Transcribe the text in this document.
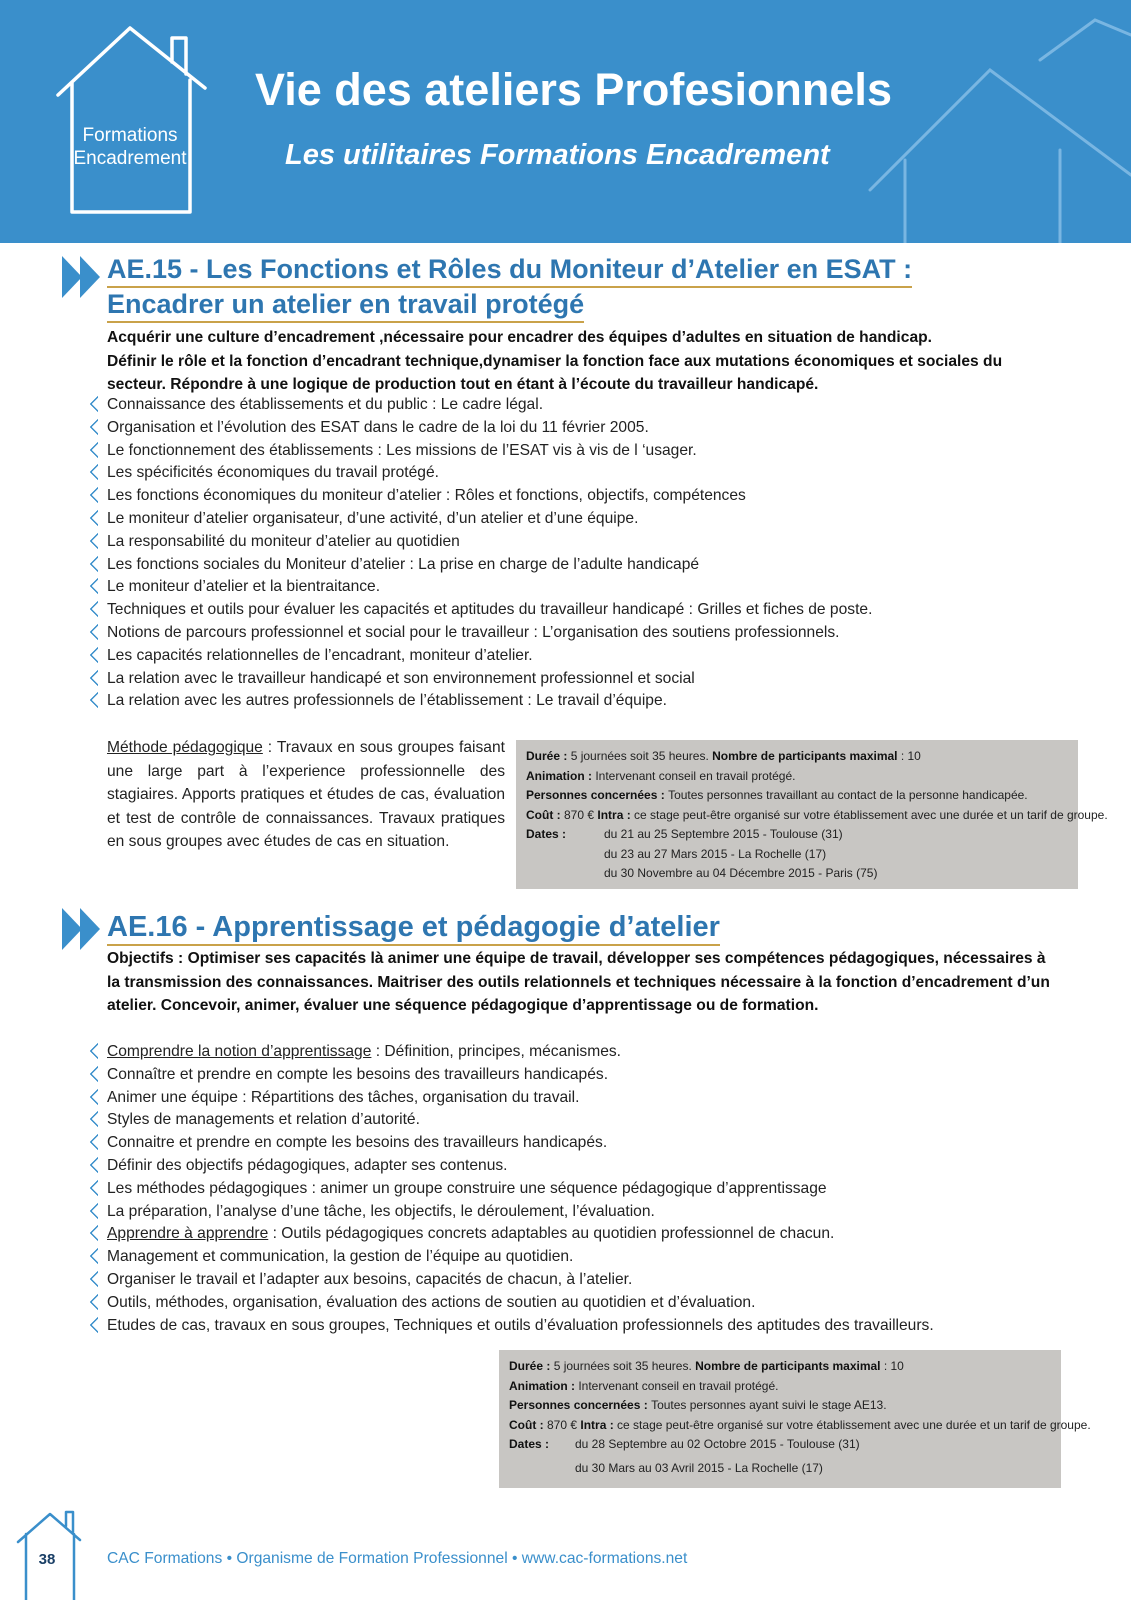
Formations
Encadrement
Vie des ateliers Profesionnels
Les utilitaires Formations Encadrement
AE.15 - Les Fonctions et Rôles du Moniteur d’Atelier en ESAT :
Encadrer un atelier en travail protégé
Acquérir une culture d’encadrement ,nécessaire pour encadrer des équipes d’adultes en situation de handicap.
Définir le rôle et la fonction d’encadrant technique,dynamiser la fonction face aux mutations économiques et sociales du
secteur. Répondre à une logique de production tout en étant à l’écoute du travailleur handicapé.
Connaissance des établissements et du public : Le cadre légal.
Organisation et l’évolution des ESAT dans le cadre de la loi du 11 février 2005.
Le fonctionnement des établissements : Les missions de l’ESAT vis à vis de l ‘usager.
Les spécificités économiques du travail protégé.
Les fonctions économiques du moniteur d’atelier : Rôles et fonctions, objectifs, compétences
Le moniteur d’atelier organisateur, d’une activité, d’un atelier et d’une équipe.
La responsabilité du moniteur d’atelier au quotidien
Les fonctions sociales du Moniteur d’atelier : La prise en charge de l’adulte handicapé
Le moniteur d’atelier et la bientraitance.
Techniques et outils pour évaluer les capacités et aptitudes du travailleur handicapé : Grilles et fiches de poste.
Notions de parcours professionnel et social pour le travailleur : L’organisation des soutiens professionnels.
Les capacités relationnelles de l’encadrant, moniteur d’atelier.
La relation avec le travailleur handicapé et son environnement professionnel et social
La relation avec les autres professionnels de l’établissement : Le travail d’équipe.
Méthode pédagogique : Travaux en sous groupes faisant une large part à l’experience professionnelle des stagiaires. Apports pratiques et études de cas, évaluation et test de contrôle de connaissances. Travaux pratiques en sous groupes avec études de cas en situation.
Durée : 5 journées soit 35 heures. Nombre de participants maximal : 10
Animation : Intervenant conseil en travail protégé.
Personnes concernées : Toutes personnes travaillant au contact de la personne handicapée.
Coût : 870 € Intra : ce stage peut-être organisé sur votre établissement avec une durée et un tarif de groupe.
Dates :	du 21 au 25 Septembre 2015 - Toulouse (31)
du 23 au 27 Mars 2015 - La Rochelle (17)
du 30 Novembre au 04 Décembre 2015 - Paris (75)
AE.16 - Apprentissage et pédagogie d’atelier
Objectifs : Optimiser ses capacités là animer une équipe de travail, développer ses compétences pédagogiques, nécessaires à
la transmission des connaissances. Maitriser des outils relationnels et techniques nécessaire à la fonction d’encadrement d’un
atelier. Concevoir, animer, évaluer une séquence pédagogique d’apprentissage ou de formation.
Comprendre la notion d’apprentissage : Définition, principes, mécanismes.
Connaître et prendre en compte les besoins des travailleurs handicapés.
Animer une équipe : Répartitions des tâches, organisation du travail.
Styles de managements et relation d’autorité.
Connaitre et prendre en compte les besoins des travailleurs handicapés.
Définir des objectifs pédagogiques, adapter ses contenus.
Les méthodes pédagogiques : animer un groupe construire une séquence pédagogique d’apprentissage
La préparation, l’analyse d’une tâche, les objectifs, le déroulement, l’évaluation.
Apprendre à apprendre : Outils pédagogiques concrets adaptables au quotidien professionnel de chacun.
Management et communication, la gestion de l’équipe au quotidien.
Organiser le travail et l’adapter aux besoins, capacités de chacun, à l’atelier.
Outils, méthodes, organisation, évaluation des actions de soutien au quotidien et d’évaluation.
Etudes de cas, travaux en sous groupes, Techniques et outils d’évaluation professionnels des aptitudes des travailleurs.
Durée : 5 journées soit 35 heures. Nombre de participants maximal : 10
Animation : Intervenant conseil en travail protégé.
Personnes concernées : Toutes personnes ayant suivi le stage AE13.
Coût : 870 € Intra : ce stage peut-être organisé sur votre établissement avec une durée et un tarif de groupe.
Dates : du 28 Septembre au 02 Octobre 2015 - Toulouse (31)
du 30 Mars au 03 Avril 2015 - La Rochelle (17)
38	CAC Formations • Organisme de Formation Professionnel • www.cac-formations.net
